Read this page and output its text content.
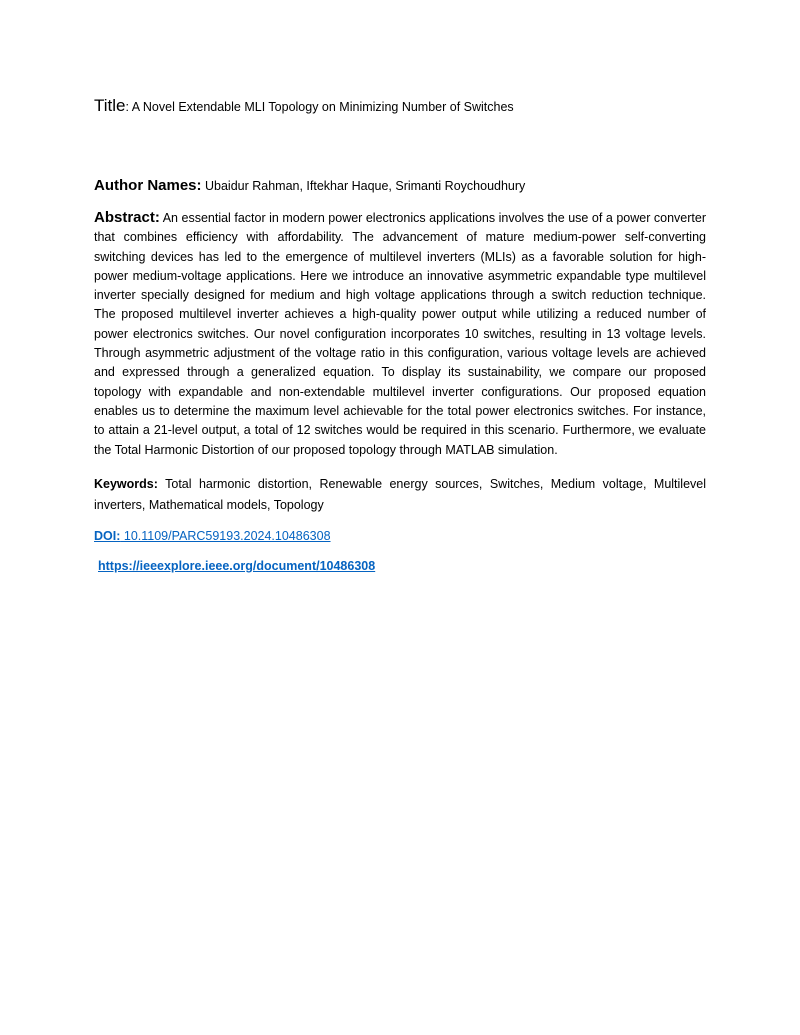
Title: A Novel Extendable MLI Topology on Minimizing Number of Switches

Author Names: Ubaidur Rahman, Iftekhar Haque, Srimanti Roychoudhury

Abstract: An essential factor in modern power electronics applications involves the use of a power converter that combines efficiency with affordability. The advancement of mature medium-power self-converting switching devices has led to the emergence of multilevel inverters (MLIs) as a favorable solution for high-power medium-voltage applications. Here we introduce an innovative asymmetric expandable type multilevel inverter specially designed for medium and high voltage applications through a switch reduction technique. The proposed multilevel inverter achieves a high-quality power output while utilizing a reduced number of power electronics switches. Our novel configuration incorporates 10 switches, resulting in 13 voltage levels. Through asymmetric adjustment of the voltage ratio in this configuration, various voltage levels are achieved and expressed through a generalized equation. To display its sustainability, we compare our proposed topology with expandable and non-extendable multilevel inverter configurations. Our proposed equation enables us to determine the maximum level achievable for the total power electronics switches. For instance, to attain a 21-level output, a total of 12 switches would be required in this scenario. Furthermore, we evaluate the Total Harmonic Distortion of our proposed topology through MATLAB simulation.

Keywords: Total harmonic distortion, Renewable energy sources, Switches, Medium voltage, Multilevel inverters, Mathematical models, Topology

DOI: 10.1109/PARC59193.2024.10486308

https://ieeexplore.ieee.org/document/10486308
